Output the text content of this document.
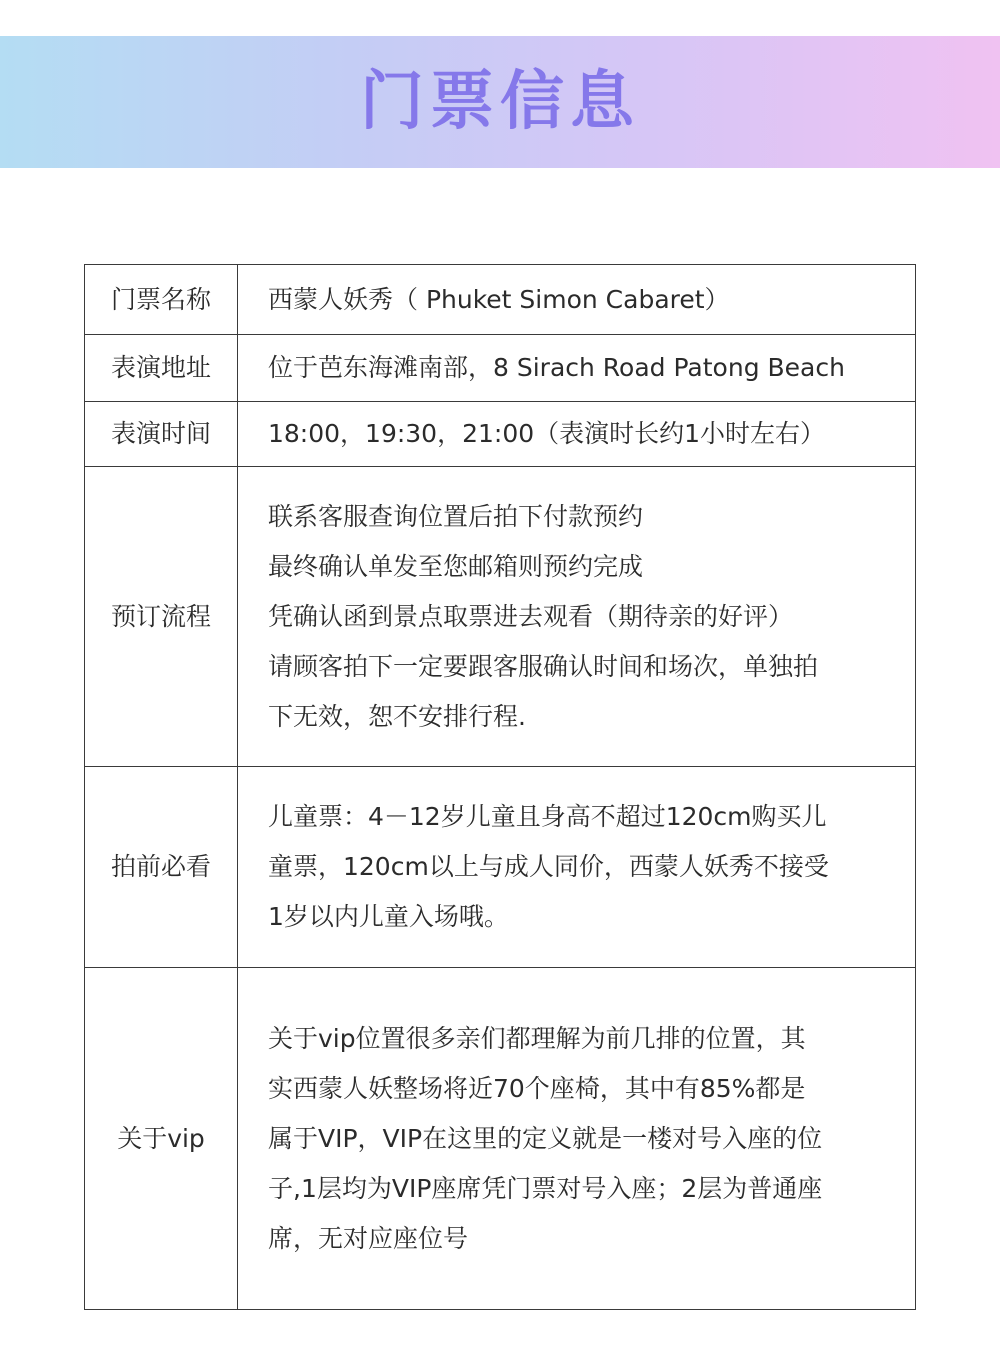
门票信息
门票名称	西蒙人妖秀（ Phuket Simon Cabaret）

表演地址	位于芭东海滩南部，8 Sirach Road Patong Beach

表演时间	18:00，19:30，21:00（表演时长约1小时左右）

预订流程	联系客服查询位置后拍下付款预约
最终确认单发至您邮箱则预约完成
凭确认函到景点取票进去观看（期待亲的好评）
请顾客拍下一定要跟客服确认时间和场次，单独拍
下无效，恕不安排行程.

拍前必看	儿童票：4－12岁儿童且身高不超过120cm购买儿
童票，120cm以上与成人同价，西蒙人妖秀不接受
1岁以内儿童入场哦。

关于vip	关于vip位置很多亲们都理解为前几排的位置，其
实西蒙人妖整场将近70个座椅，其中有85%都是
属于VIP，VIP在这里的定义就是一楼对号入座的位
子,1层均为VIP座席凭门票对号入座；2层为普通座
席，无对应座位号
